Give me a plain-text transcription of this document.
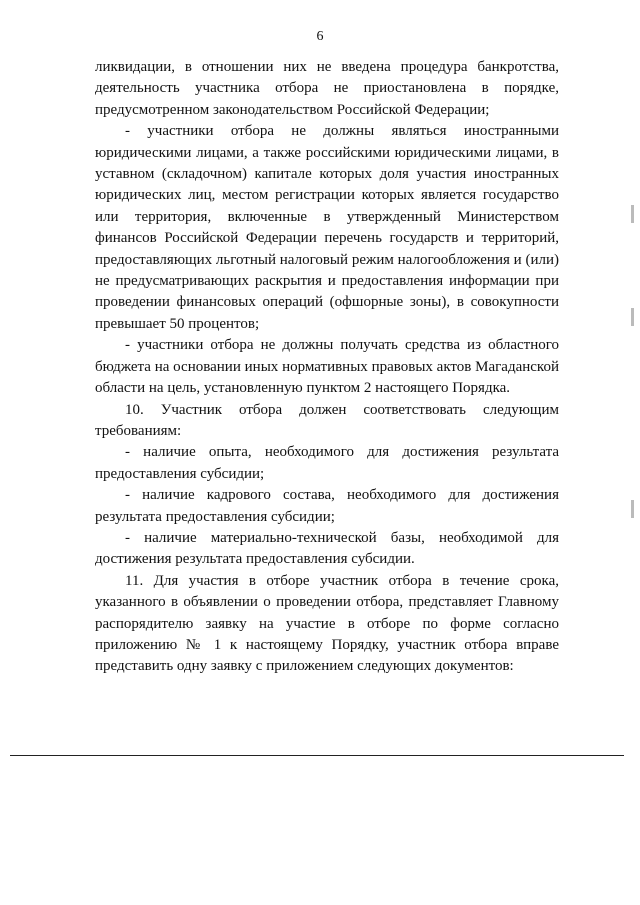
6

ликвидации, в отношении них не введена процедура банкротства, деятельность участника отбора не приостановлена в порядке, предусмотренном законодательством Российской Федерации;

- участники отбора не должны являться иностранными юридическими лицами, а также российскими юридическими лицами, в уставном (складочном) капитале которых доля участия иностранных юридических лиц, местом регистрации которых является государство или территория, включенные в утвержденный Министерством финансов Российской Федерации перечень государств и территорий, предоставляющих льготный налоговый режим налогообложения и (или) не предусматривающих раскрытия и предоставления информации при проведении финансовых операций (офшорные зоны), в совокупности превышает 50 процентов;

- участники отбора не должны получать средства из областного бюджета на основании иных нормативных правовых актов Магаданской области на цель, установленную пунктом 2 настоящего Порядка.

10. Участник отбора должен соответствовать следующим требованиям:

- наличие опыта, необходимого для достижения результата предоставления субсидии;

- наличие кадрового состава, необходимого для достижения результата предоставления субсидии;

- наличие материально-технической базы, необходимой для достижения результата предоставления субсидии.

11. Для участия в отборе участник отбора в течение срока, указанного в объявлении о проведении отбора, представляет Главному распорядителю заявку на участие в отборе по форме согласно приложению № 1 к настоящему Порядку, участник отбора вправе представить одну заявку с приложением следующих документов:
